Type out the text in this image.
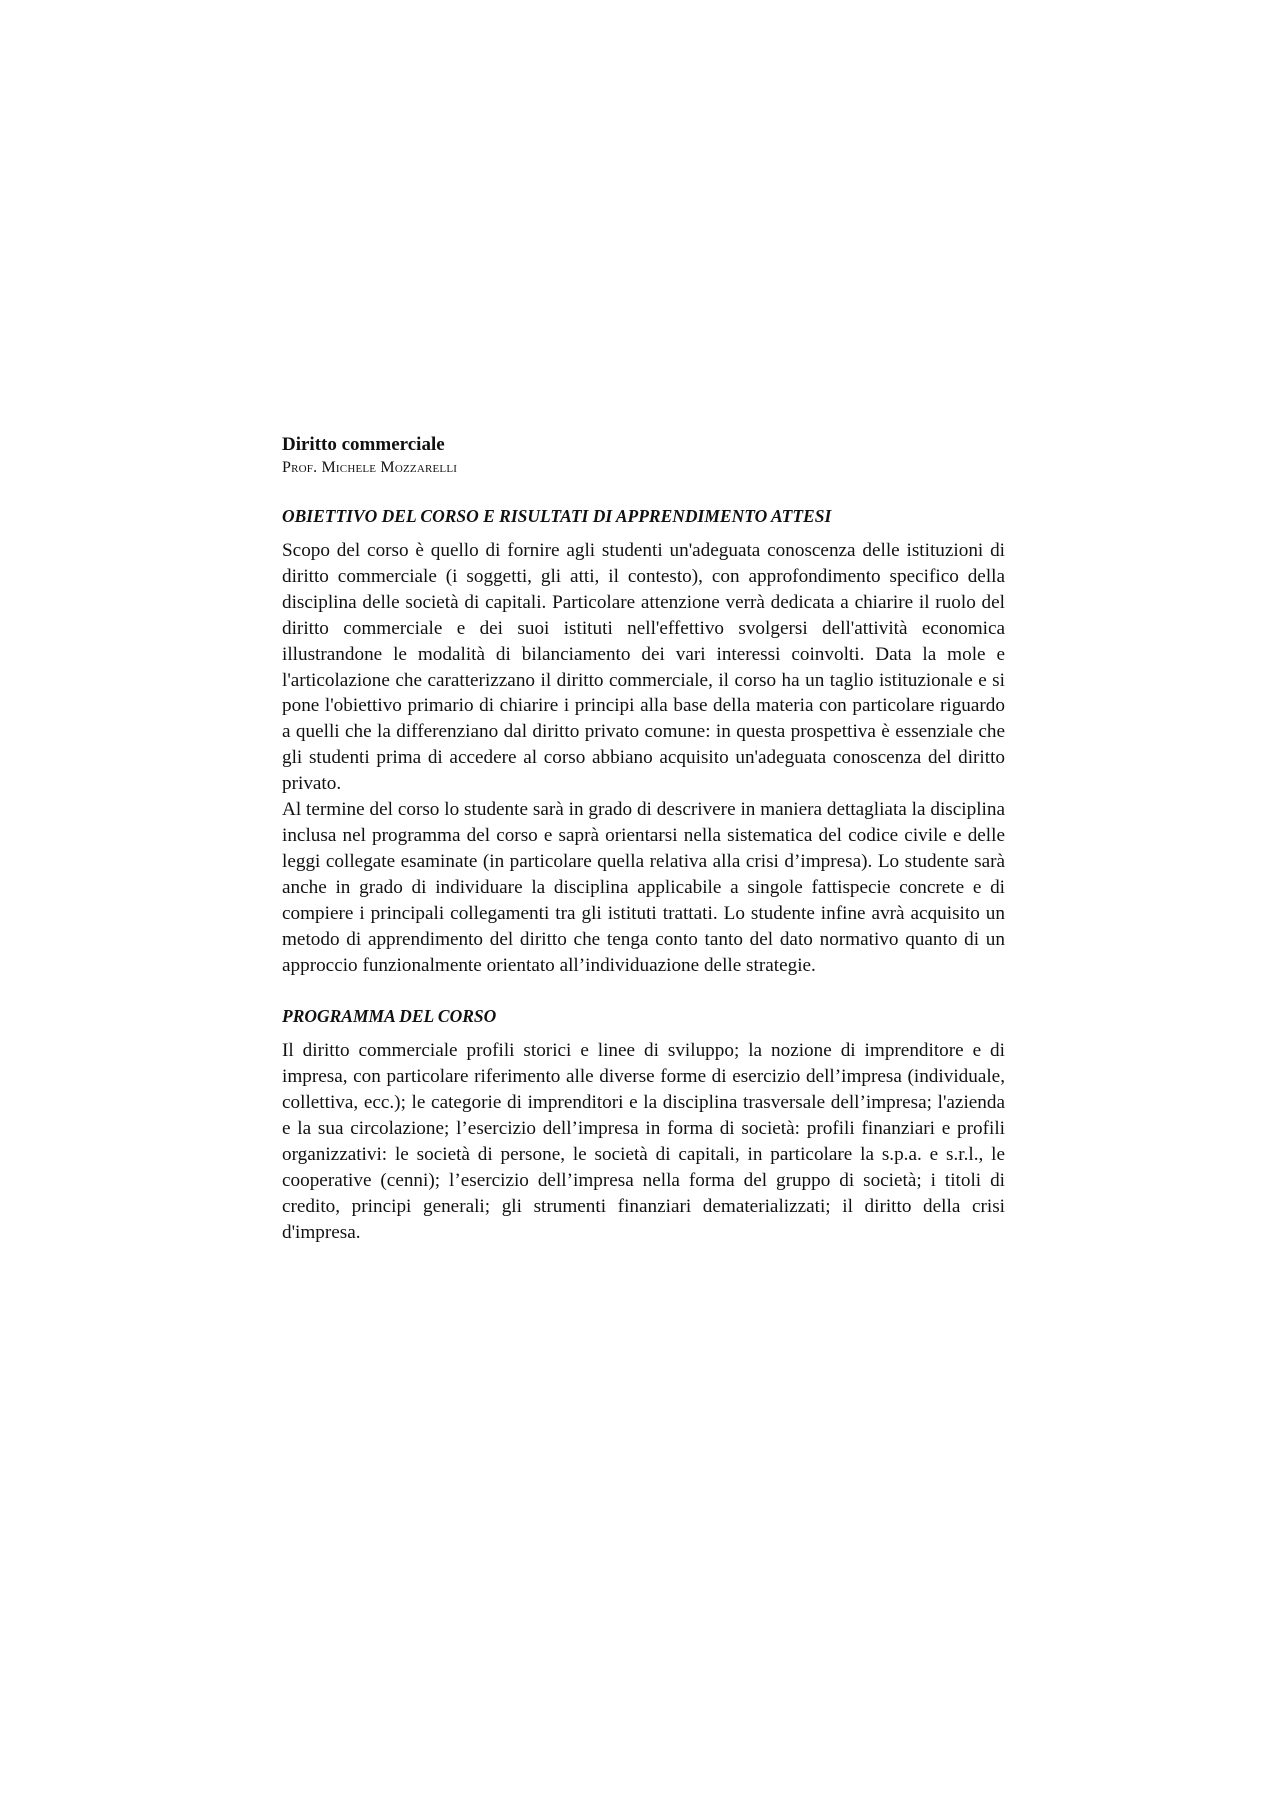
Diritto commerciale

Prof. Michele Mozzarelli

OBIETTIVO DEL CORSO E RISULTATI DI APPRENDIMENTO ATTESI

Scopo del corso è quello di fornire agli studenti un'adeguata conoscenza delle istituzioni di diritto commerciale (i soggetti, gli atti, il contesto), con approfondimento specifico della disciplina delle società di capitali. Particolare attenzione verrà dedicata a chiarire il ruolo del diritto commerciale e dei suoi istituti nell'effettivo svolgersi dell'attività economica illustrandone le modalità di bilanciamento dei vari interessi coinvolti. Data la mole e l'articolazione che caratterizzano il diritto commerciale, il corso ha un taglio istituzionale e si pone l'obiettivo primario di chiarire i principi alla base della materia con particolare riguardo a quelli che la differenziano dal diritto privato comune: in questa prospettiva è essenziale che gli studenti prima di accedere al corso abbiano acquisito un'adeguata conoscenza del diritto privato.

Al termine del corso lo studente sarà in grado di descrivere in maniera dettagliata la disciplina inclusa nel programma del corso e saprà orientarsi nella sistematica del codice civile e delle leggi collegate esaminate (in particolare quella relativa alla crisi d’impresa). Lo studente sarà anche in grado di individuare la disciplina applicabile a singole fattispecie concrete e di compiere i principali collegamenti tra gli istituti trattati. Lo studente infine avrà acquisito un metodo di apprendimento del diritto che tenga conto tanto del dato normativo quanto di un approccio funzionalmente orientato all’individuazione delle strategie.

PROGRAMMA DEL CORSO

Il diritto commerciale profili storici e linee di sviluppo; la nozione di imprenditore e di impresa, con particolare riferimento alle diverse forme di esercizio dell’impresa (individuale, collettiva, ecc.); le categorie di imprenditori e la disciplina trasversale dell’impresa; l'azienda e la sua circolazione; l’esercizio dell’impresa in forma di società: profili finanziari e profili organizzativi: le società di persone, le società di capitali, in particolare la s.p.a. e s.r.l., le cooperative (cenni); l’esercizio dell’impresa nella forma del gruppo di società; i titoli di credito, principi generali; gli strumenti finanziari dematerializzati; il diritto della crisi d'impresa.
